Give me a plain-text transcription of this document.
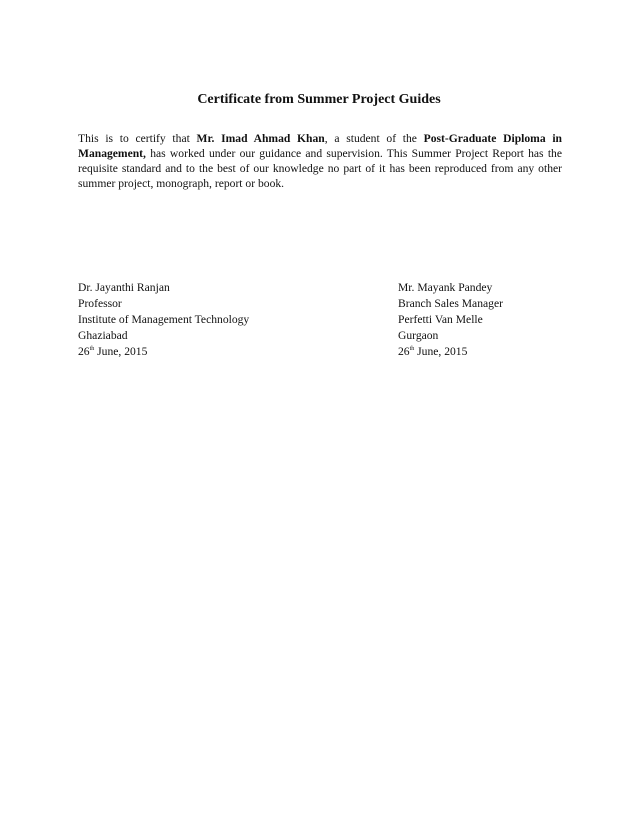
Certificate from Summer Project Guides

This is to certify that Mr. Imad Ahmad Khan, a student of the Post-Graduate Diploma in Management, has worked under our guidance and supervision. This Summer Project Report has the requisite standard and to the best of our knowledge no part of it has been reproduced from any other summer project, monograph, report or book.

Dr. Jayanthi Ranjan
Professor
Institute of Management Technology
Ghaziabad
26th June, 2015
Mr. Mayank Pandey
Branch Sales Manager
Perfetti Van Melle
Gurgaon
26th June, 2015
